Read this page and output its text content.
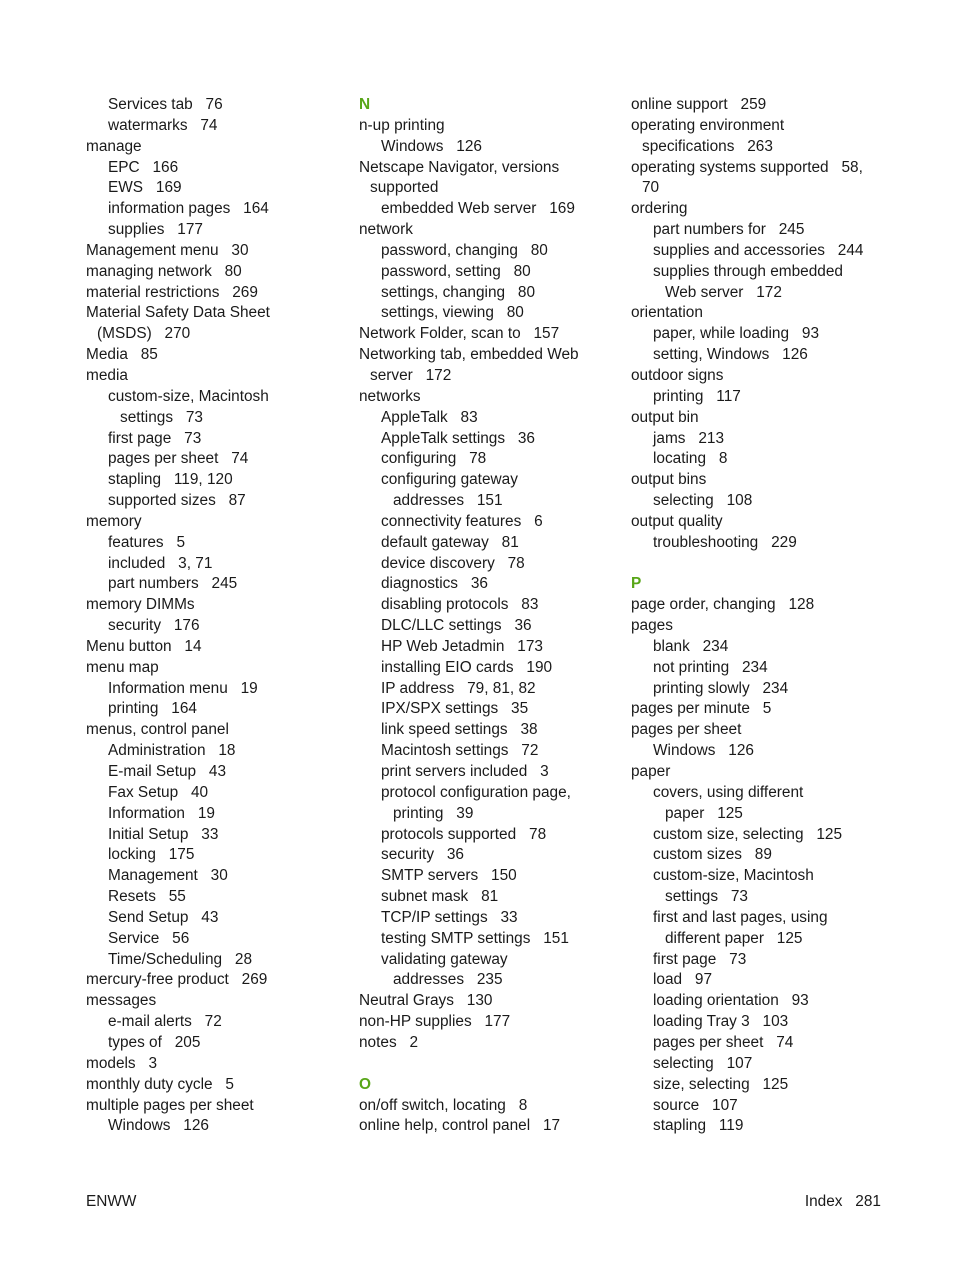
Services tab   76
watermarks   74
manage
EPC   166
EWS   169
information pages   164
supplies   177
Management menu   30
managing network   80
material restrictions   269
Material Safety Data Sheet
(MSDS)   270
Media   85
media
custom-size, Macintosh
settings   73
first page   73
pages per sheet   74
stapling   119, 120
supported sizes   87
memory
features   5
included   3, 71
part numbers   245
memory DIMMs
security   176
Menu button   14
menu map
Information menu   19
printing   164
menus, control panel
Administration   18
E-mail Setup   43
Fax Setup   40
Information   19
Initial Setup   33
locking   175
Management   30
Resets   55
Send Setup   43
Service   56
Time/Scheduling   28
mercury-free product   269
messages
e-mail alerts   72
types of   205
models   3
monthly duty cycle   5
multiple pages per sheet
Windows   126
N
n-up printing
Windows   126
Netscape Navigator, versions
supported
embedded Web server   169
network
password, changing   80
password, setting   80
settings, changing   80
settings, viewing   80
Network Folder, scan to   157
Networking tab, embedded Web
server   172
networks
AppleTalk   83
AppleTalk settings   36
configuring   78
configuring gateway
addresses   151
connectivity features   6
default gateway   81
device discovery   78
diagnostics   36
disabling protocols   83
DLC/LLC settings   36
HP Web Jetadmin   173
installing EIO cards   190
IP address   79, 81, 82
IPX/SPX settings   35
link speed settings   38
Macintosh settings   72
print servers included   3
protocol configuration page,
printing   39
protocols supported   78
security   36
SMTP servers   150
subnet mask   81
TCP/IP settings   33
testing SMTP settings   151
validating gateway
addresses   235
Neutral Grays   130
non-HP supplies   177
notes   2
O
on/off switch, locating   8
online help, control panel   17
online support   259
operating environment
specifications   263
operating systems supported   58,
70
ordering
part numbers for   245
supplies and accessories   244
supplies through embedded
Web server   172
orientation
paper, while loading   93
setting, Windows   126
outdoor signs
printing   117
output bin
jams   213
locating   8
output bins
selecting   108
output quality
troubleshooting   229
P
page order, changing   128
pages
blank   234
not printing   234
printing slowly   234
pages per minute   5
pages per sheet
Windows   126
paper
covers, using different
paper   125
custom size, selecting   125
custom sizes   89
custom-size, Macintosh
settings   73
first and last pages, using
different paper   125
first page   73
load   97
loading orientation   93
loading Tray 3   103
pages per sheet   74
selecting   107
size, selecting   125
source   107
stapling   119
ENWW	Index   281
